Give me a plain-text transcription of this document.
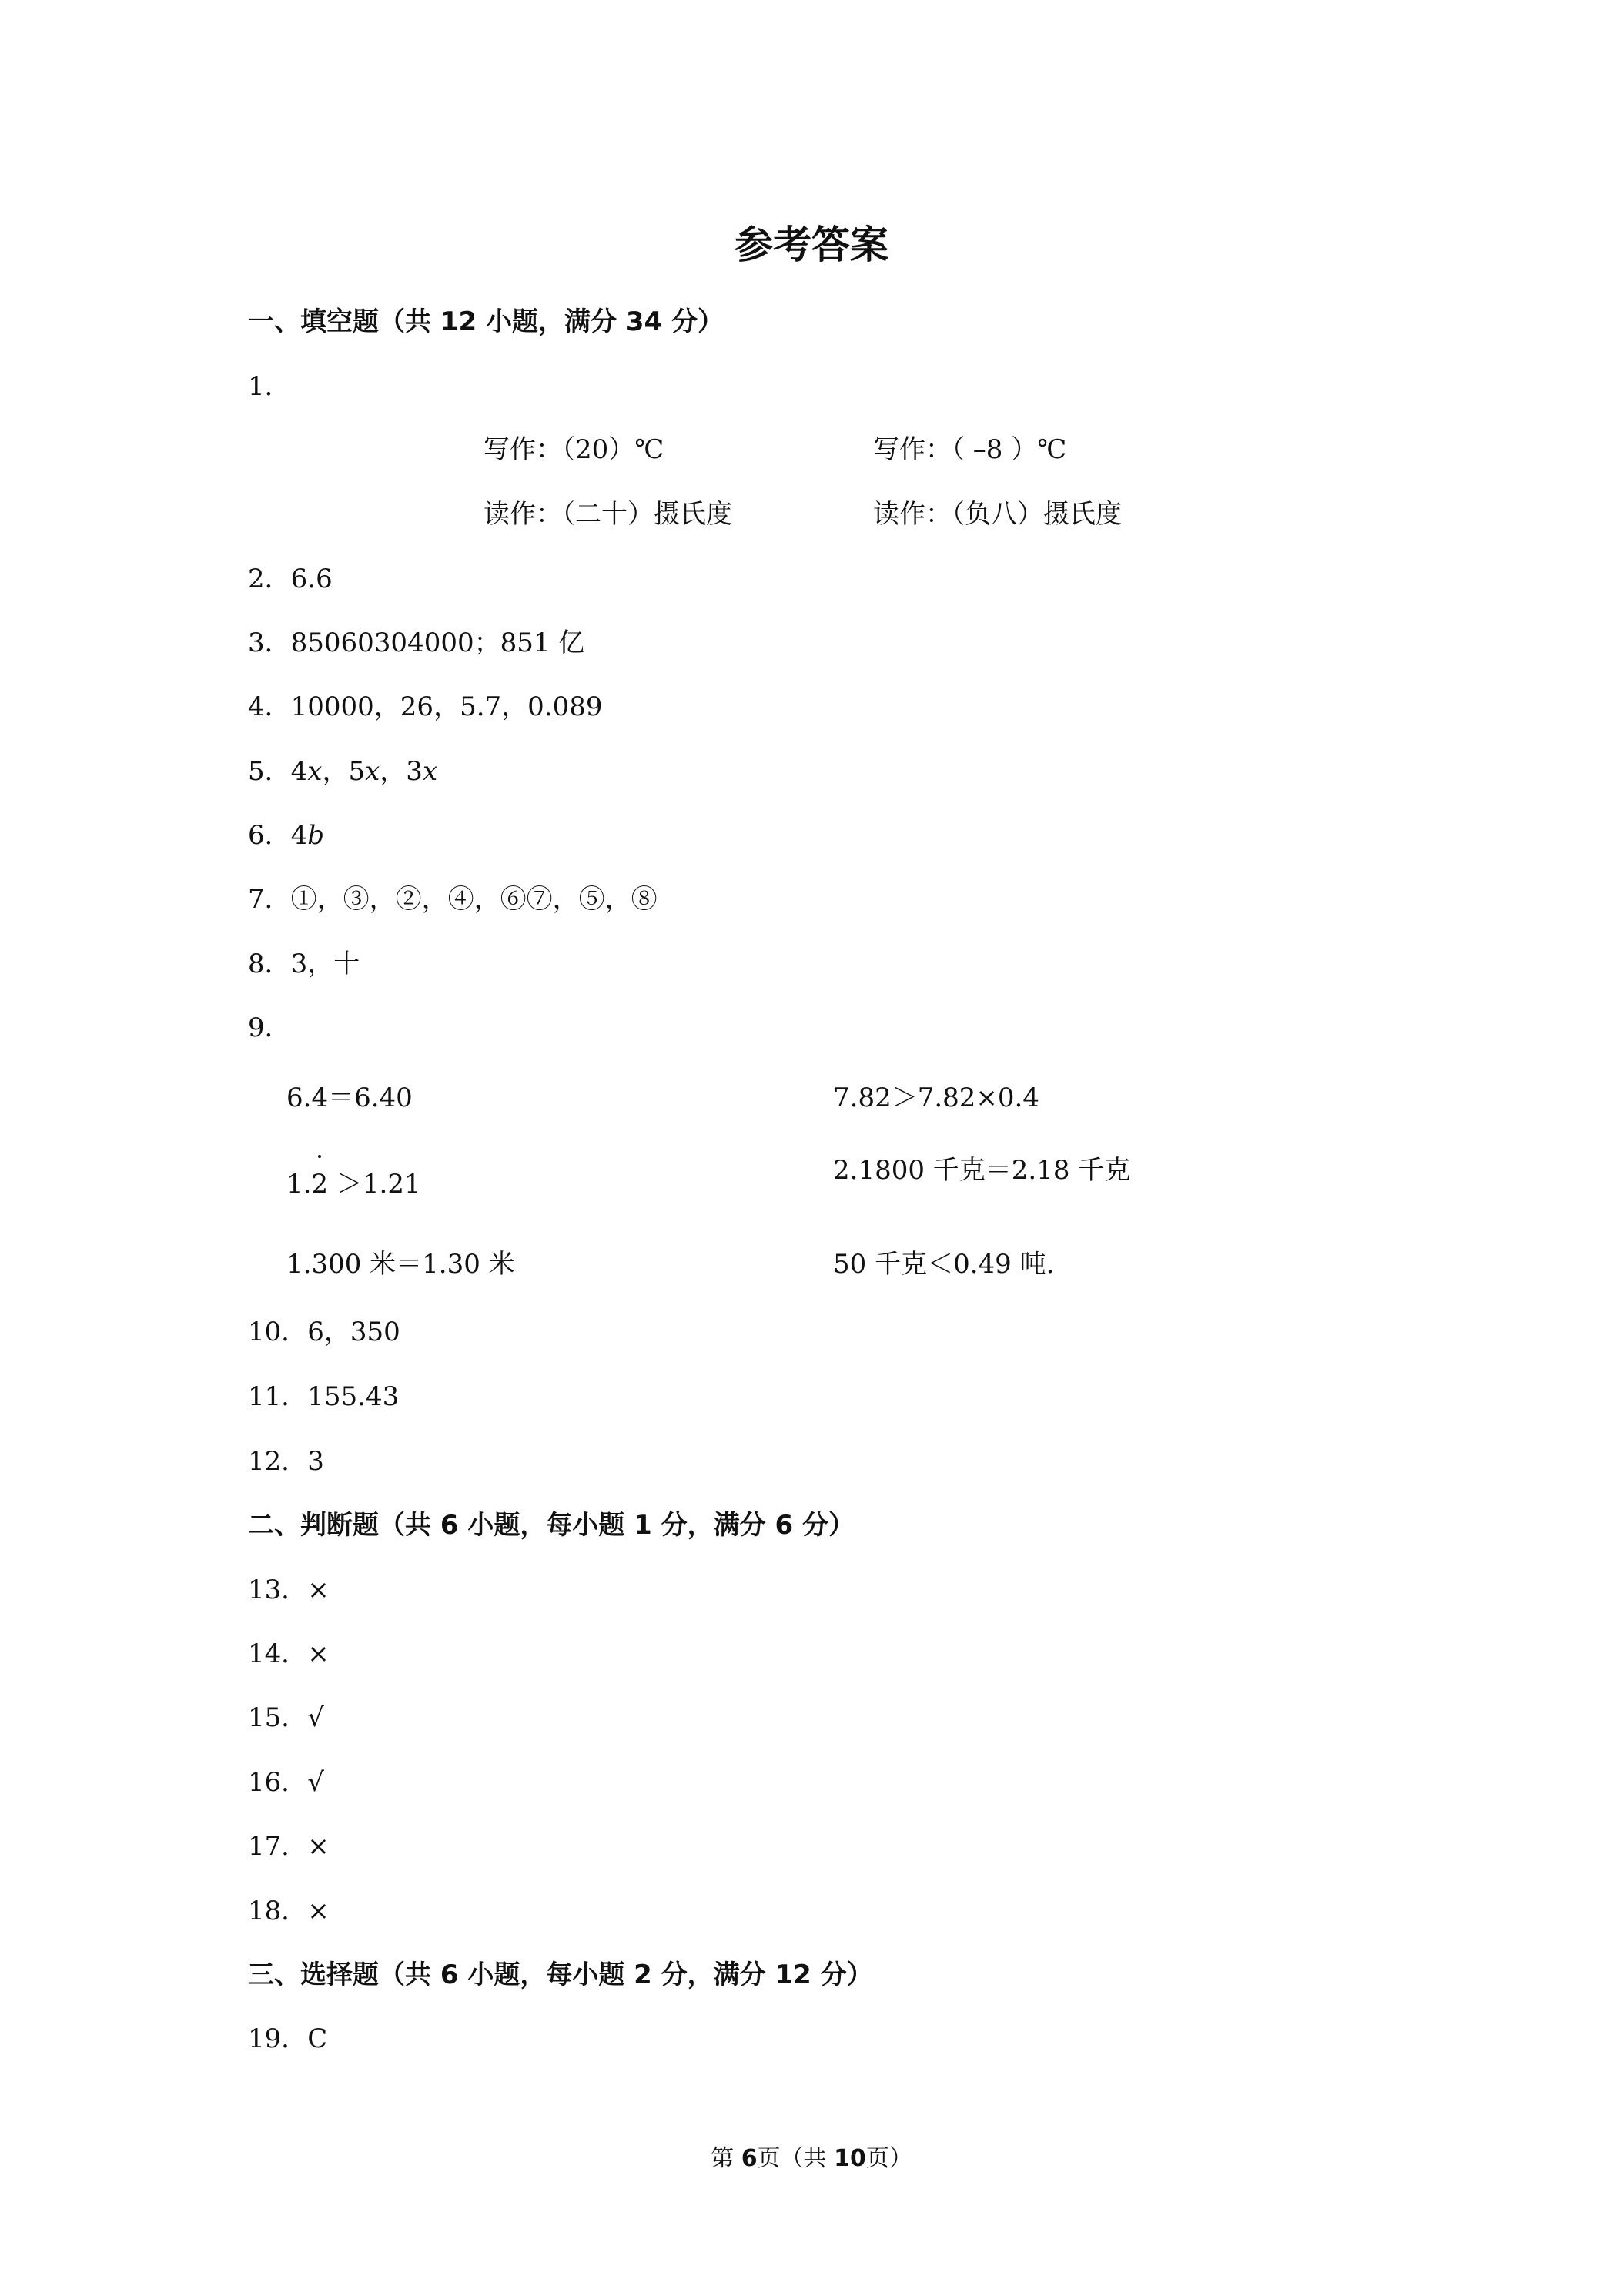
参考答案
一、填空题（共 12 小题，满分 34 分）
1．
写作：（20）℃	写作：（ –8 ）℃
读作：（二十）摄氏度	读作：（负八）摄氏度
2．6.6
3．85060304000；851 亿
4．10000，26，5.7，0.089
5．4x，5x，3x
6．4b
7．①，③，②，④，⑥⑦，⑤，⑧
8．3，十
9．
6.4＝6.40	7.82＞7.82×0.4
1.2 ＞1.21	2.1800 千克＝2.18 千克
1.300 米＝1.30 米	50 千克＜0.49 吨.
10．6，350
11．155.43
12．3
二、判断题（共 6 小题，每小题 1 分，满分 6 分）
13．×
14．×
15．√
16．√
17．×
18．×
三、选择题（共 6 小题，每小题 2 分，满分 12 分）
19．C
第 6页（共 10页）
